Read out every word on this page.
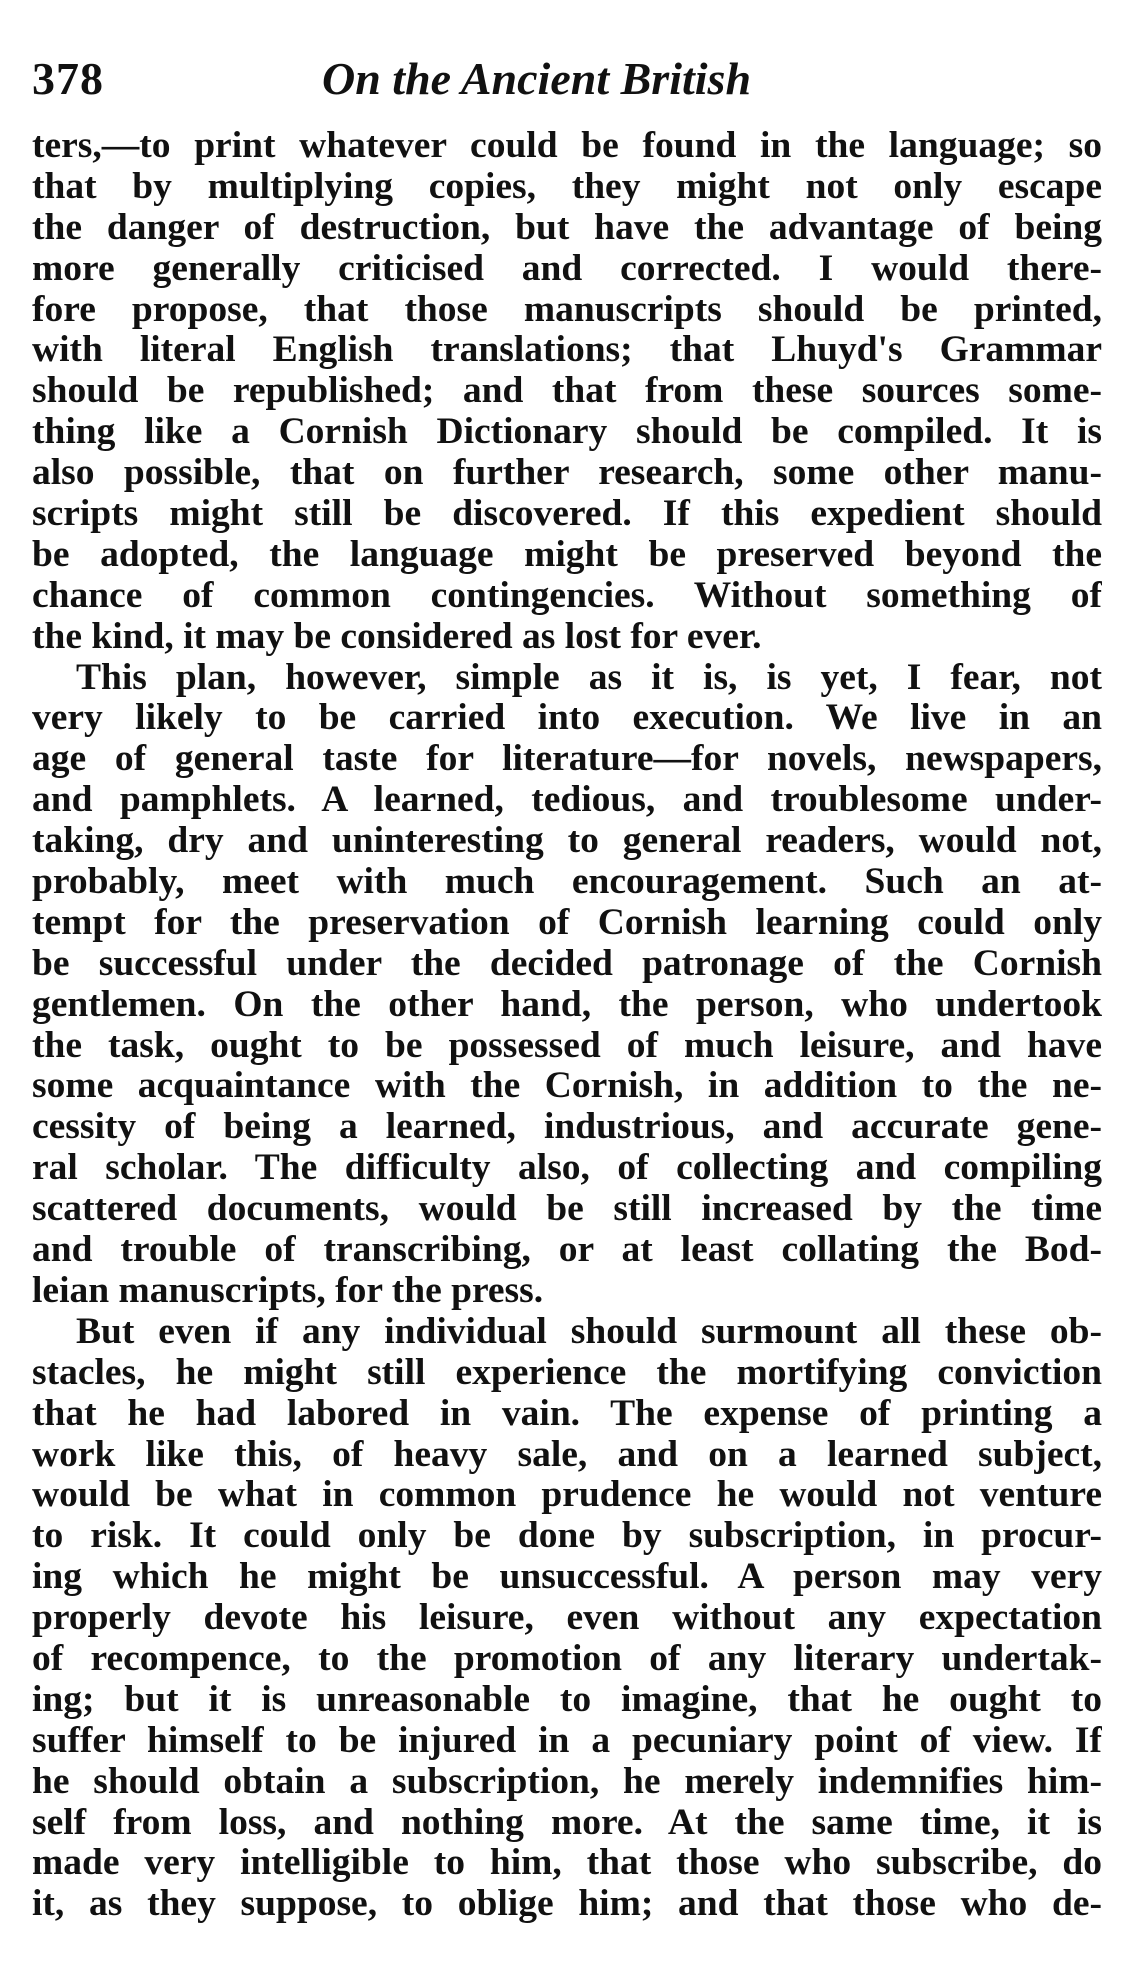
378	On the Ancient British
ters,—to print whatever could be found in the language; so
that by multiplying copies, they might not only escape
the danger of destruction, but have the advantage of being
more generally criticised and corrected. I would there-
fore propose, that those manuscripts should be printed,
with literal English translations; that Lhuyd's Grammar
should be republished; and that from these sources some-
thing like a Cornish Dictionary should be compiled. It is
also possible, that on further research, some other manu-
scripts might still be discovered. If this expedient should
be adopted, the language might be preserved beyond the
chance of common contingencies. Without something of
the kind, it may be considered as lost for ever.
This plan, however, simple as it is, is yet, I fear, not
very likely to be carried into execution. We live in an
age of general taste for literature—for novels, newspapers,
and pamphlets. A learned, tedious, and troublesome under-
taking, dry and uninteresting to general readers, would not,
probably, meet with much encouragement. Such an at-
tempt for the preservation of Cornish learning could only
be successful under the decided patronage of the Cornish
gentlemen. On the other hand, the person, who undertook
the task, ought to be possessed of much leisure, and have
some acquaintance with the Cornish, in addition to the ne-
cessity of being a learned, industrious, and accurate gene-
ral scholar. The difficulty also, of collecting and compiling
scattered documents, would be still increased by the time
and trouble of transcribing, or at least collating the Bod-
leian manuscripts, for the press.
But even if any individual should surmount all these ob-
stacles, he might still experience the mortifying conviction
that he had labored in vain. The expense of printing a
work like this, of heavy sale, and on a learned subject,
would be what in common prudence he would not venture
to risk. It could only be done by subscription, in procur-
ing which he might be unsuccessful. A person may very
properly devote his leisure, even without any expectation
of recompence, to the promotion of any literary undertak-
ing; but it is unreasonable to imagine, that he ought to
suffer himself to be injured in a pecuniary point of view. If
he should obtain a subscription, he merely indemnifies him-
self from loss, and nothing more. At the same time, it is
made very intelligible to him, that those who subscribe, do
it, as they suppose, to oblige him; and that those who de-
